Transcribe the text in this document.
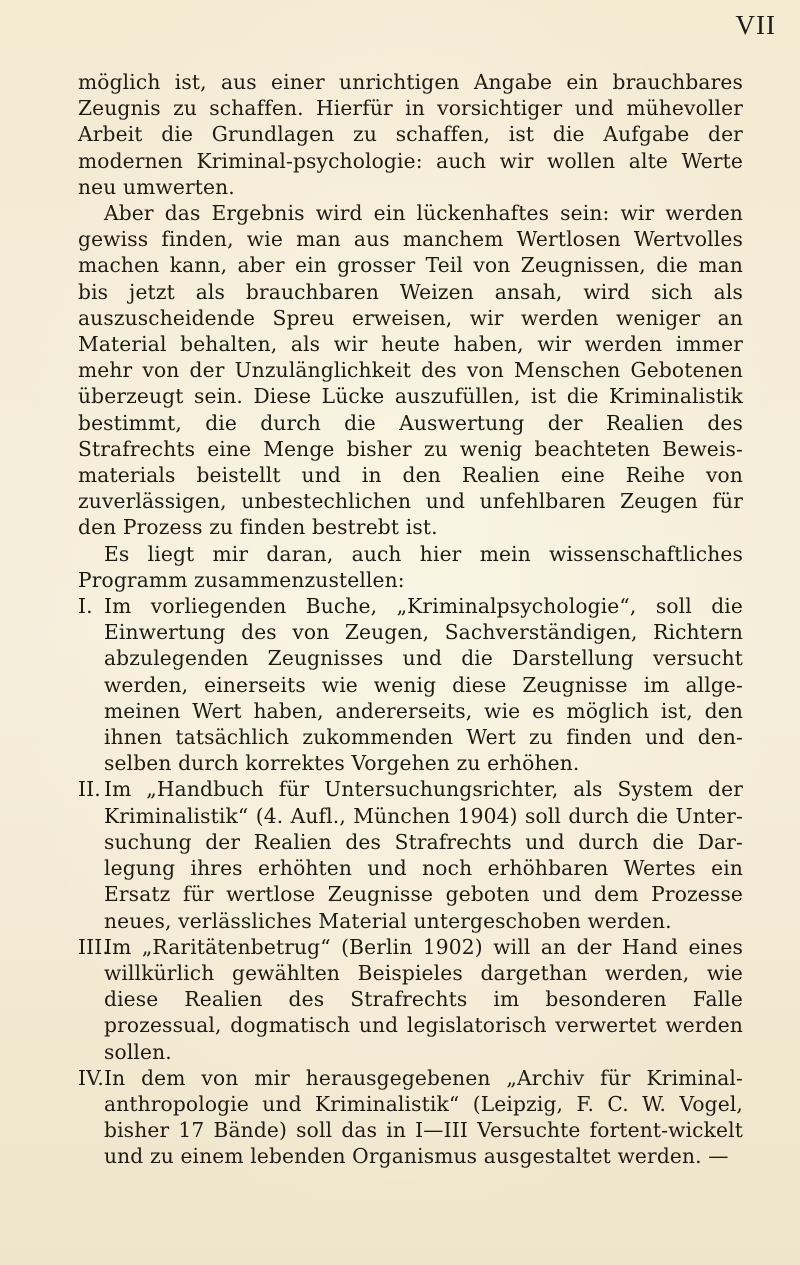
VII

möglich ist, aus einer unrichtigen Angabe ein brauchbares Zeugnis zu schaffen. Hierfür in vorsichtiger und mühevoller Arbeit die Grundlagen zu schaffen, ist die Aufgabe der modernen Kriminal-psychologie: auch wir wollen alte Werte neu umwerten.

Aber das Ergebnis wird ein lückenhaftes sein: wir werden gewiss finden, wie man aus manchem Wertlosen Wertvolles machen kann, aber ein grosser Teil von Zeugnissen, die man bis jetzt als brauchbaren Weizen ansah, wird sich als auszuscheidende Spreu erweisen, wir werden weniger an Material behalten, als wir heute haben, wir werden immer mehr von der Unzulänglichkeit des von Menschen Gebotenen überzeugt sein. Diese Lücke auszufüllen, ist die Kriminalistik bestimmt, die durch die Auswertung der Realien des Strafrechts eine Menge bisher zu wenig beachteten Beweis-materials beistellt und in den Realien eine Reihe von zuverlässigen, unbestechlichen und unfehlbaren Zeugen für den Prozess zu finden bestrebt ist.

Es liegt mir daran, auch hier mein wissenschaftliches Programm zusammenzustellen:

I. Im vorliegenden Buche, „Kriminalpsychologie“, soll die Einwertung des von Zeugen, Sachverständigen, Richtern abzulegenden Zeugnisses und die Darstellung versucht werden, einerseits wie wenig diese Zeugnisse im allge-meinen Wert haben, andererseits, wie es möglich ist, den ihnen tatsächlich zukommenden Wert zu finden und den-selben durch korrektes Vorgehen zu erhöhen.
II. Im „Handbuch für Untersuchungsrichter, als System der Kriminalistik“ (4. Aufl., München 1904) soll durch die Unter-suchung der Realien des Strafrechts und durch die Dar-legung ihres erhöhten und noch erhöhbaren Wertes ein Ersatz für wertlose Zeugnisse geboten und dem Prozesse neues, verlässliches Material untergeschoben werden.
III.
Im „Raritätenbetrug“ (Berlin 1902) will an der Hand eines willkürlich gewählten Beispieles dargethan werden, wie diese Realien des Strafrechts im besonderen Falle prozessual, dogmatisch und legislatorisch verwertet werden sollen.
IV. In dem von mir herausgegebenen „Archiv für Kriminal-anthropologie und Kriminalistik“ (Leipzig, F. C. W. Vogel, bisher 17 Bände) soll das in I—III Versuchte fortent-wickelt und zu einem lebenden Organismus ausgestaltet werden. —
